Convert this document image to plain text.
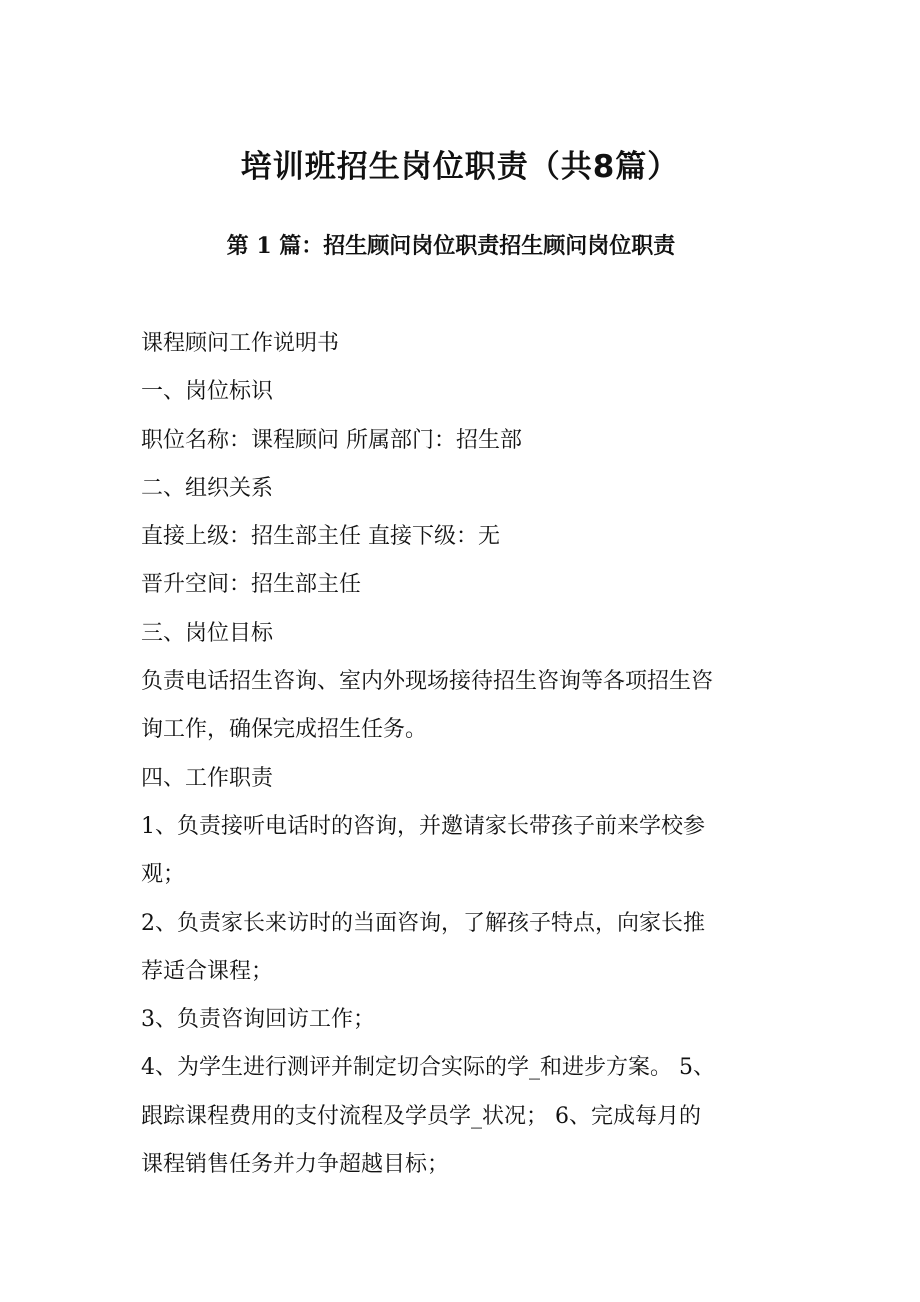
培训班招生岗位职责（共8篇）
第 1 篇：招生顾问岗位职责招生顾问岗位职责

课程顾问工作说明书

一、岗位标识

职位名称：课程顾问 所属部门：招生部

二、组织关系

直接上级：招生部主任 直接下级：无

晋升空间：招生部主任

三、岗位目标

负责电话招生咨询、室内外现场接待招生咨询等各项招生咨

询工作，确保完成招生任务。

四、工作职责

1、负责接听电话时的咨询，并邀请家长带孩子前来学校参

观；

2、负责家长来访时的当面咨询，了解孩子特点，向家长推

荐适合课程；

3、负责咨询回访工作；

4、为学生进行测评并制定切合实际的学_和进步方案。 5、

跟踪课程费用的支付流程及学员学_状况； 6、完成每月的

课程销售任务并力争超越目标；
